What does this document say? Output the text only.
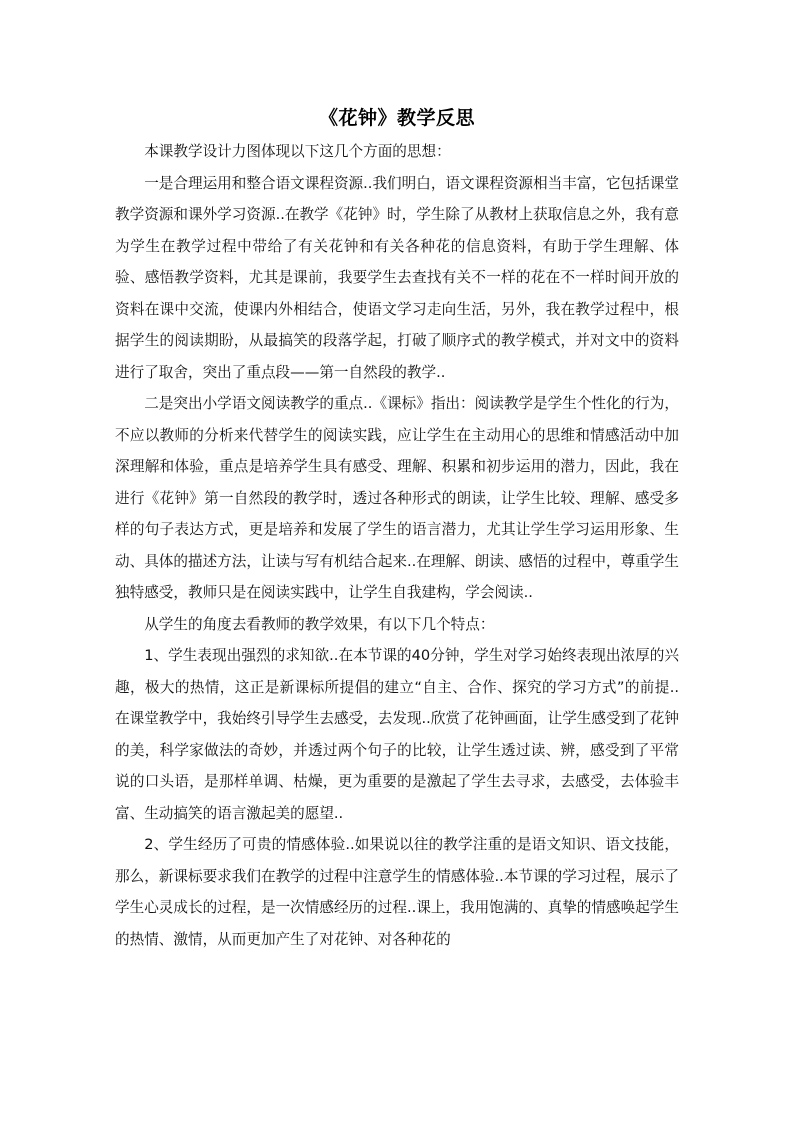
《花钟》教学反思

本课教学设计力图体现以下这几个方面的思想：

一是合理运用和整合语文课程资源..我们明白，语文课程资源相当丰富，它包括课堂教学资源和课外学习资源..在教学《花钟》时，学生除了从教材上获取信息之外，我有意为学生在教学过程中带给了有关花钟和有关各种花的信息资料，有助于学生理解、体验、感悟教学资料，尤其是课前，我要学生去查找有关不一样的花在不一样时间开放的资料在课中交流，使课内外相结合，使语文学习走向生活，另外，我在教学过程中，根据学生的阅读期盼，从最搞笑的段落学起，打破了顺序式的教学模式，并对文中的资料进行了取舍，突出了重点段——第一自然段的教学..

二是突出小学语文阅读教学的重点..《课标》指出：阅读教学是学生个性化的行为，不应以教师的分析来代替学生的阅读实践，应让学生在主动用心的思维和情感活动中加深理解和体验，重点是培养学生具有感受、理解、积累和初步运用的潜力，因此，我在进行《花钟》第一自然段的教学时，透过各种形式的朗读，让学生比较、理解、感受多样的句子表达方式，更是培养和发展了学生的语言潜力，尤其让学生学习运用形象、生动、具体的描述方法，让读与写有机结合起来..在理解、朗读、感悟的过程中，尊重学生独特感受，教师只是在阅读实践中，让学生自我建构，学会阅读..

从学生的角度去看教师的教学效果，有以下几个特点：

1、学生表现出强烈的求知欲..在本节课的40分钟，学生对学习始终表现出浓厚的兴趣，极大的热情，这正是新课标所提倡的建立“自主、合作、探究的学习方式”的前提..在课堂教学中，我始终引导学生去感受，去发现..欣赏了花钟画面，让学生感受到了花钟的美，科学家做法的奇妙，并透过两个句子的比较，让学生透过读、辨，感受到了平常说的口头语，是那样单调、枯燥，更为重要的是激起了学生去寻求，去感受，去体验丰富、生动搞笑的语言激起美的愿望..

2、学生经历了可贵的情感体验..如果说以往的教学注重的是语文知识、语文技能，那么，新课标要求我们在教学的过程中注意学生的情感体验..本节课的学习过程，展示了学生心灵成长的过程，是一次情感经历的过程..课上，我用饱满的、真挚的情感唤起学生的热情、激情，从而更加产生了对花钟、对各种花的
